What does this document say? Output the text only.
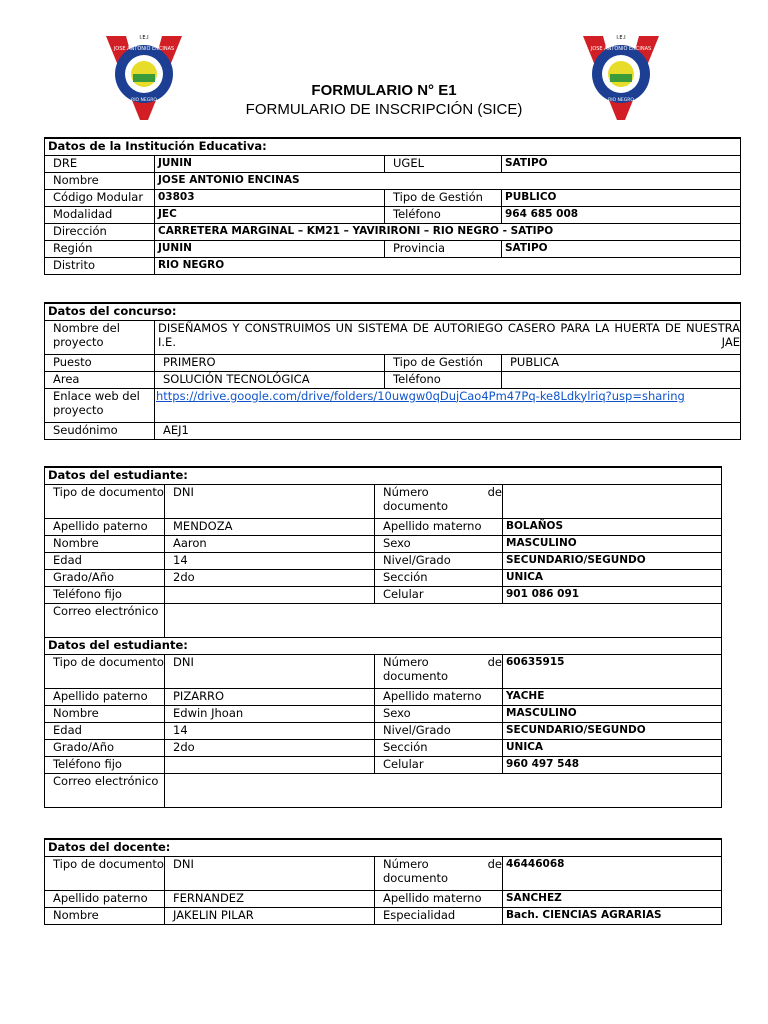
JOSE ANTONIO ENCINAS
RIO NEGRO
I.E.I
JOSE ANTONIO ENCINAS
RIO NEGRO
I.E.I
FORMULARIO N° E1
FORMULARIO DE INSCRIPCIÓN (SICE)
Datos de la Institución Educativa:			
DRE	JUNIN	UGEL	SATIPO
Nombre	JOSE ANTONIO ENCINAS		
Código Modular	03803	Tipo de Gestión	PUBLICO
Modalidad	JEC	Teléfono	964 685 008
Dirección	CARRETERA MARGINAL – KM21 – YAVIRIRONI – RIO NEGRO - SATIPO		
Región	JUNIN	Provincia	SATIPO
Distrito	RIO NEGRO		
Datos del concurso:			
Nombre del proyecto	DISEÑAMOS Y CONSTRUIMOS UN SISTEMA DE AUTORIEGO CASERO PARA LA HUERTA DE NUESTRA I.E. JAE		
Puesto	PRIMERO	Tipo de Gestión	PUBLICA
Area	SOLUCIÓN TECNOLÓGICA	Teléfono	
Enlace web del proyecto	https://drive.google.com/drive/folders/10uwgw0qDujCao4Pm47Pq-ke8Ldkylriq?usp=sharing		
Seudónimo	AEJ1		
Datos del estudiante:			
Tipo de documento	DNI	Número de documento	
Apellido paterno	MENDOZA	Apellido materno	BOLAÑOS
Nombre	Aaron	Sexo	MASCULINO
Edad	14	Nivel/Grado	SECUNDARIO/SEGUNDO
Grado/Año	2do	Sección	UNICA
Teléfono fijo		Celular	901 086 091
Correo electrónico			
Datos del estudiante:			
Tipo de documento	DNI	Número de documento	60635915
Apellido paterno	PIZARRO	Apellido materno	YACHE
Nombre	Edwin Jhoan	Sexo	MASCULINO
Edad	14	Nivel/Grado	SECUNDARIO/SEGUNDO
Grado/Año	2do	Sección	UNICA
Teléfono fijo		Celular	960 497 548
Correo electrónico			
Datos del docente:			
Tipo de documento	DNI	Número de documento	46446068
Apellido paterno	FERNANDEZ	Apellido materno	SANCHEZ
Nombre	JAKELIN PILAR	Especialidad	Bach. CIENCIAS AGRARIAS
